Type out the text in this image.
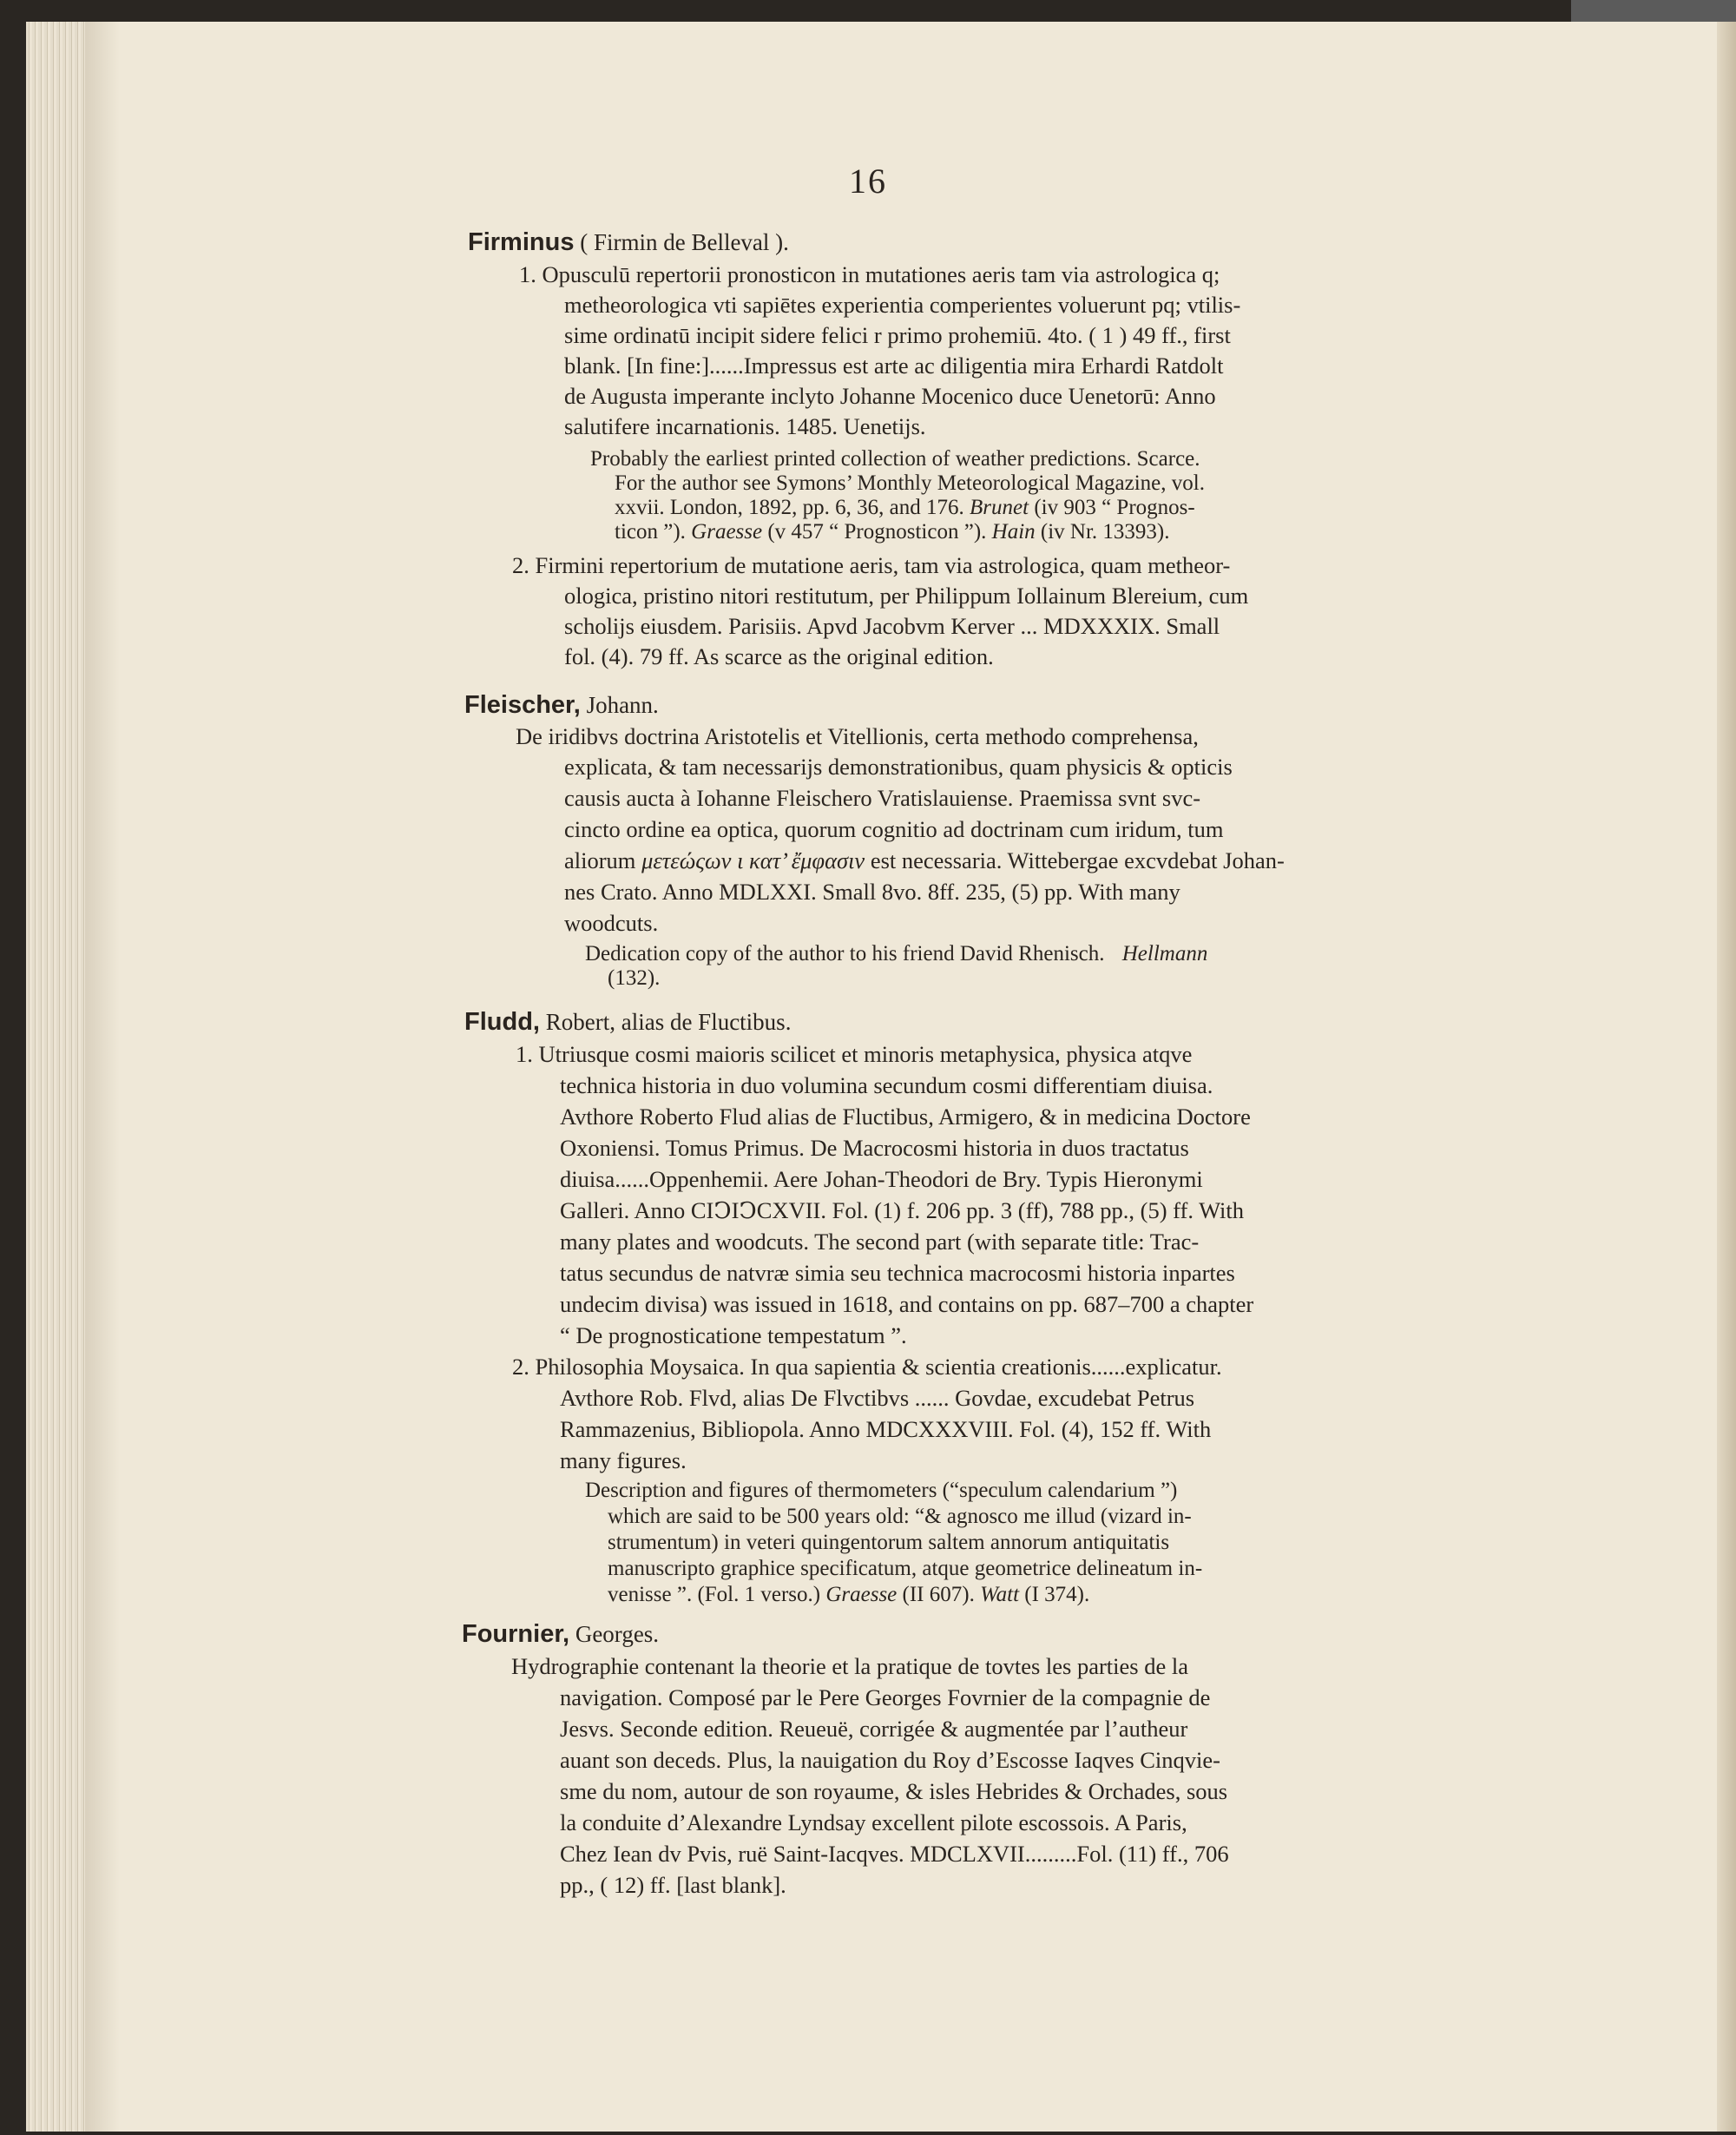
16
Firminus ( Firmin de Belleval ).
1. Opusculū repertorii pronosticon in mutationes aeris tam via astrologica q;
metheorologica vti sapiētes experientia comperientes voluerunt pq; vtilis-
sime ordinatū incipit sidere felici r primo prohemiū. 4to. ( 1 ) 49 ff., first
blank. [In fine:]......Impressus est arte ac diligentia mira Erhardi Ratdolt
de Augusta imperante inclyto Johanne Mocenico duce Uenetorū: Anno
salutifere incarnationis. 1485. Uenetijs.
Probably the earliest printed collection of weather predictions. Scarce.
For the author see Symons’ Monthly Meteorological Magazine, vol.
xxvii. London, 1892, pp. 6, 36, and 176. Brunet (iv 903 “ Prognos-
ticon ”). Graesse (v 457 “ Prognosticon ”). Hain (iv Nr. 13393).
2. Firmini repertorium de mutatione aeris, tam via astrologica, quam metheor-
ologica, pristino nitori restitutum, per Philippum Iollainum Blereium, cum
scholijs eiusdem. Parisiis. Apvd Jacobvm Kerver ... MDXXXIX. Small
fol. (4). 79 ff. As scarce as the original edition.
Fleischer, Johann.
De iridibvs doctrina Aristotelis et Vitellionis, certa methodo comprehensa,
explicata, & tam necessarijs demonstrationibus, quam physicis & opticis
causis aucta à Iohanne Fleischero Vratislauiense. Praemissa svnt svc-
cincto ordine ea optica, quorum cognitio ad doctrinam cum iridum, tum
aliorum μετεώςων ι κατ’ ἔμφασιν est necessaria. Wittebergae excvdebat Johan-
nes Crato. Anno MDLXXI. Small 8vo. 8ff. 235, (5) pp. With many
woodcuts.
Dedication copy of the author to his friend David Rhenisch. Hellmann
(132).
Fludd, Robert, alias de Fluctibus.
1. Utriusque cosmi maioris scilicet et minoris metaphysica, physica atqve
technica historia in duo volumina secundum cosmi differentiam diuisa.
Avthore Roberto Flud alias de Fluctibus, Armigero, & in medicina Doctore
Oxoniensi. Tomus Primus. De Macrocosmi historia in duos tractatus
diuisa......Oppenhemii. Aere Johan-Theodori de Bry. Typis Hieronymi
Galleri. Anno CIↃIↃCXVII. Fol. (1) f. 206 pp. 3 (ff), 788 pp., (5) ff. With
many plates and woodcuts. The second part (with separate title: Trac-
tatus secundus de natvræ simia seu technica macrocosmi historia inpartes
undecim divisa) was issued in 1618, and contains on pp. 687–700 a chapter
“ De prognosticatione tempestatum ”.
2. Philosophia Moysaica. In qua sapientia & scientia creationis......explicatur.
Avthore Rob. Flvd, alias De Flvctibvs ...... Govdae, excudebat Petrus
Rammazenius, Bibliopola. Anno MDCXXXVIII. Fol. (4), 152 ff. With
many figures.
Description and figures of thermometers (“speculum calendarium ”)
which are said to be 500 years old: “& agnosco me illud (vizard in-
strumentum) in veteri quingentorum saltem annorum antiquitatis
manuscripto graphice specificatum, atque geometrice delineatum in-
venisse ”. (Fol. 1 verso.) Graesse (II 607). Watt (I 374).
Fournier, Georges.
Hydrographie contenant la theorie et la pratique de tovtes les parties de la
navigation. Composé par le Pere Georges Fovrnier de la compagnie de
Jesvs. Seconde edition. Reueuë, corrigée & augmentée par l’autheur
auant son deceds. Plus, la nauigation du Roy d’Escosse Iaqves Cinqvie-
sme du nom, autour de son royaume, & isles Hebrides & Orchades, sous
la conduite d’Alexandre Lyndsay excellent pilote escossois. A Paris,
Chez Iean dv Pvis, ruë Saint-Iacqves. MDCLXVII.........Fol. (11) ff., 706
pp., ( 12) ff. [last blank].
